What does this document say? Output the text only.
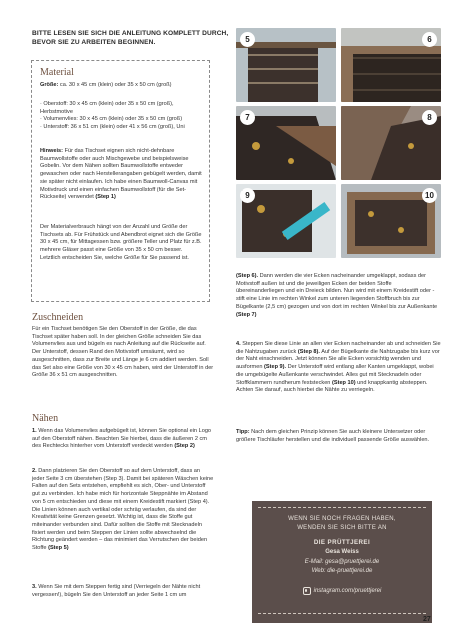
BITTE LESEN SIE SICH DIE ANLEITUNG KOMPLETT DURCH, BEVOR SIE ZU ARBEITEN BEGINNEN.
Material
Größe: ca. 30 x 45 cm (klein) oder 35 x 50 cm (groß)
· Oberstoff: 30 x 45 cm (klein) oder 35 x 50 cm (groß), Herbstmotive
· Volumenvlies: 30 x 45 cm (klein) oder 35 x 50 cm (groß)
· Unterstoff: 36 x 51 cm (klein) oder 41 x 56 cm (groß), Uni
Hinweis: Für das Tischset eignen sich nicht-dehnbare Baumwollstoffe oder auch Mischgewebe und beispielsweise Gobelin. Vor dem Nähen sollten Baumwollstoffe entweder gewaschen oder nach Herstellerangaben gebügelt werden, damit sie später nicht einlaufen. Ich habe einen Baumwoll-Canvas mit Motivdruck und einen einfachen Baumwollstoff (für die Set-Rückseite) verwendet (Step 1)
Der Materialverbrauch hängt von der Anzahl und Größe der Tischsets ab. Für Frühstück und Abendbrot eignet sich die Größe 30 x 45 cm, für Mittagessen bzw. größere Teller und Platz für z.B. mehrere Gläser passt eine Größe von 35 x 50 cm besser. Letztlich entscheiden Sie, welche Größe für Sie passend ist.
Zuschneiden
Für ein Tischset benötigen Sie den Oberstoff in der Größe, die das Tischset später haben soll. In der gleichen Größe schneiden Sie das Volumenvlies aus und bügeln es nach Anleitung auf die Rückseite auf. Der Unterstoff, dessen Rand den Motivstoff umsäumt, wird so ausgeschnitten, dass zur Breite und Länge je 6 cm addiert werden. Soll das Set also eine Größe von 30 x 45 cm haben, wird der Unterstoff in der Größe 36 x 51 cm ausgeschnitten.
Nähen
1. Wenn das Volumenvlies aufgebügelt ist, können Sie optional ein Logo auf den Oberstoff nähen. Beachten Sie hierbei, dass die äußeren 2 cm des Rechtecks hinterher vom Unterstoff verdeckt werden (Step 2)
2. Dann platzieren Sie den Oberstoff so auf dem Unterstoff, dass an jeder Seite 3 cm überstehen (Step 3). Damit bei späteren Wäschen keine Falten auf den Sets entstehen, empfiehlt es sich, Ober- und Unterstoff gut zu verbinden. Ich habe mich für horizontale Steppnähte im Abstand von 5 cm entschieden und diese mit einem Kreidestift markiert (Step 4). Die Linien können auch vertikal oder schräg verlaufen, da sind der Kreativität keine Grenzen gesetzt. Wichtig ist, dass die Stoffe gut miteinander verbunden sind. Dafür sollten die Stoffe mit Stecknadeln fixiert werden und beim Steppen der Linien sollte abwechselnd die Richtung geändert werden – das minimiert das Verrutschen der beiden Stoffe (Step 5)
3. Wenn Sie mit dem Steppen fertig sind (Verriegeln der Nähte nicht vergessen!), bügeln Sie den Unterstoff an jeder Seite 1 cm um
5	6
7	8
9	10
(Step 6). Dann werden die vier Ecken nacheinander umgeklappt, sodass der Motivstoff außen ist und die jeweiligen Ecken der beiden Stoffe übereinanderliegen und ein Dreieck bilden. Nun wird mit einem Kreidestift oder -stift eine Linie im rechten Winkel zum unteren liegenden Stoffbruch bis zur Bügelkante (2,5 cm) gezogen und von dort im rechten Winkel bis zur Außenkante (Step 7)
4. Steppen Sie diese Linie an allen vier Ecken nacheinander ab und schneiden Sie die Nahtzugaben zurück (Step 8). Auf der Bügelkante die Nahtzugabe bis kurz vor der Naht einschneiden. Jetzt können Sie alle Ecken vorsichtig wenden und ausformen (Step 9). Der Unterstoff wird entlang aller Kanten umgeklappt, wobei die umgebügelte Außenkante verschwindet. Alles gut mit Stecknadeln oder Stoffklammern rundherum feststecken (Step 10) und knappkantig absteppen. Achten Sie darauf, auch hierbei die Nähte zu verriegeln.
Tipp: Nach dem gleichen Prinzip können Sie auch kleinere Untersetzer oder größere Tischläufer herstellen und die individuell passende Größe auswählen.
WENN SIE NOCH FRAGEN HABEN,
WENDEN SIE SICH BITTE AN
DIE PRÜTTJEREI
Gesa Weiss
E-Mail: gesa@pruettjerei.de
Web: die-pruettjerei.de
instagram.com/pruettjerei
27
